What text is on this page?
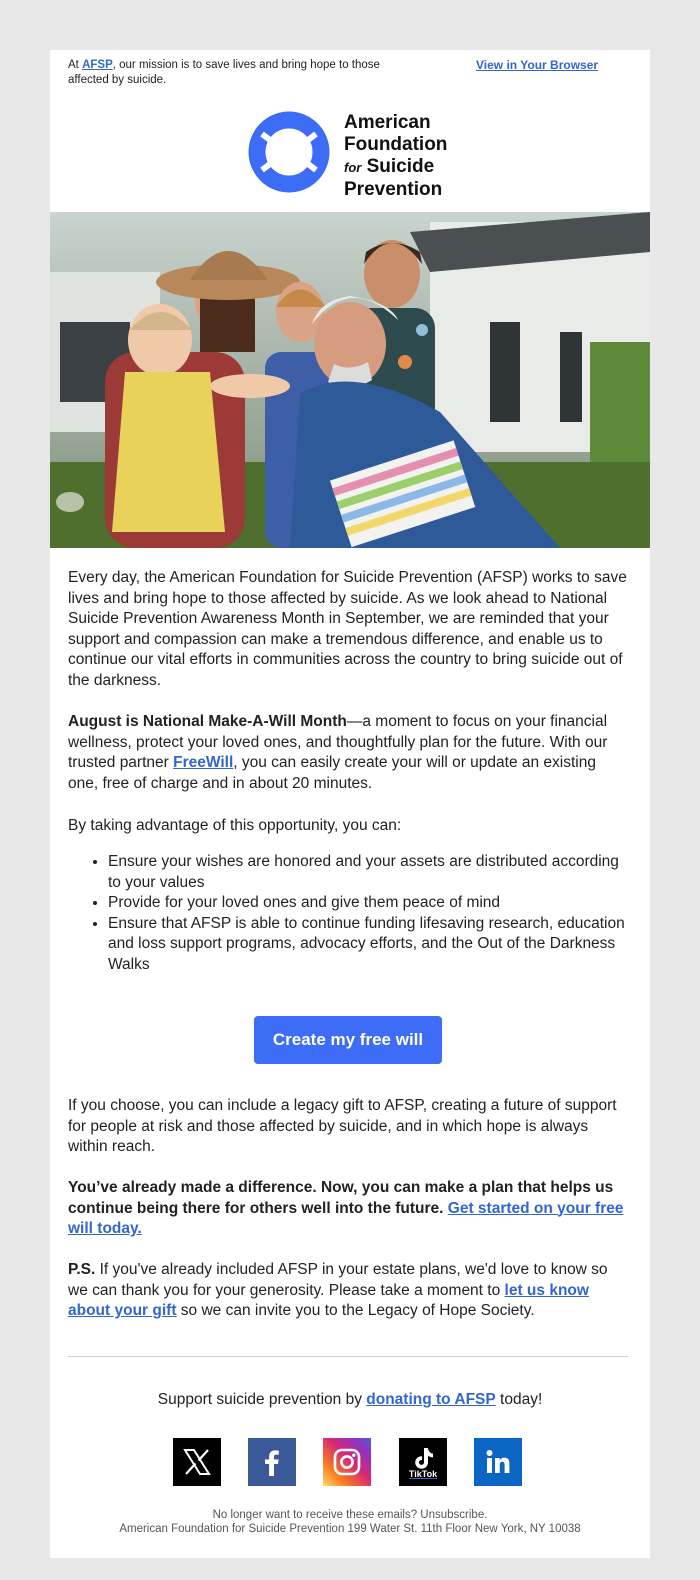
At AFSP, our mission is to save lives and bring hope to those affected by suicide.
View in Your Browser
American
Foundation
for Suicide
Prevention

Every day, the American Foundation for Suicide Prevention (AFSP) works to save lives and bring hope to those affected by suicide. As we look ahead to National Suicide Prevention Awareness Month in September, we are reminded that your support and compassion can make a tremendous difference, and enable us to continue our vital efforts in communities across the country to bring suicide out of the darkness.

August is National Make-A-Will Month—a moment to focus on your financial wellness, protect your loved ones, and thoughtfully plan for the future. With our trusted partner FreeWill, you can easily create your will or update an existing one, free of charge and in about 20 minutes.

By taking advantage of this opportunity, you can:

• Ensure your wishes are honored and your assets are distributed according to your values
• Provide for your loved ones and give them peace of mind
• Ensure that AFSP is able to continue funding lifesaving research, education and loss support programs, advocacy efforts, and the Out of the Darkness Walks
Create my free will

If you choose, you can include a legacy gift to AFSP, creating a future of support for people at risk and those affected by suicide, and in which hope is always within reach.

You’ve already made a difference. Now, you can make a plan that helps us continue being there for others well into the future. Get started on your free will today.

P.S. If you've already included AFSP in your estate plans, we'd love to know so we can thank you for your generosity. Please take a moment to let us know about your gift so we can invite you to the Legacy of Hope Society.

Support suicide prevention by donating to AFSP today!

TikTok
No longer want to receive these emails? Unsubscribe.
American Foundation for Suicide Prevention 199 Water St. 11th Floor New York, NY 10038
